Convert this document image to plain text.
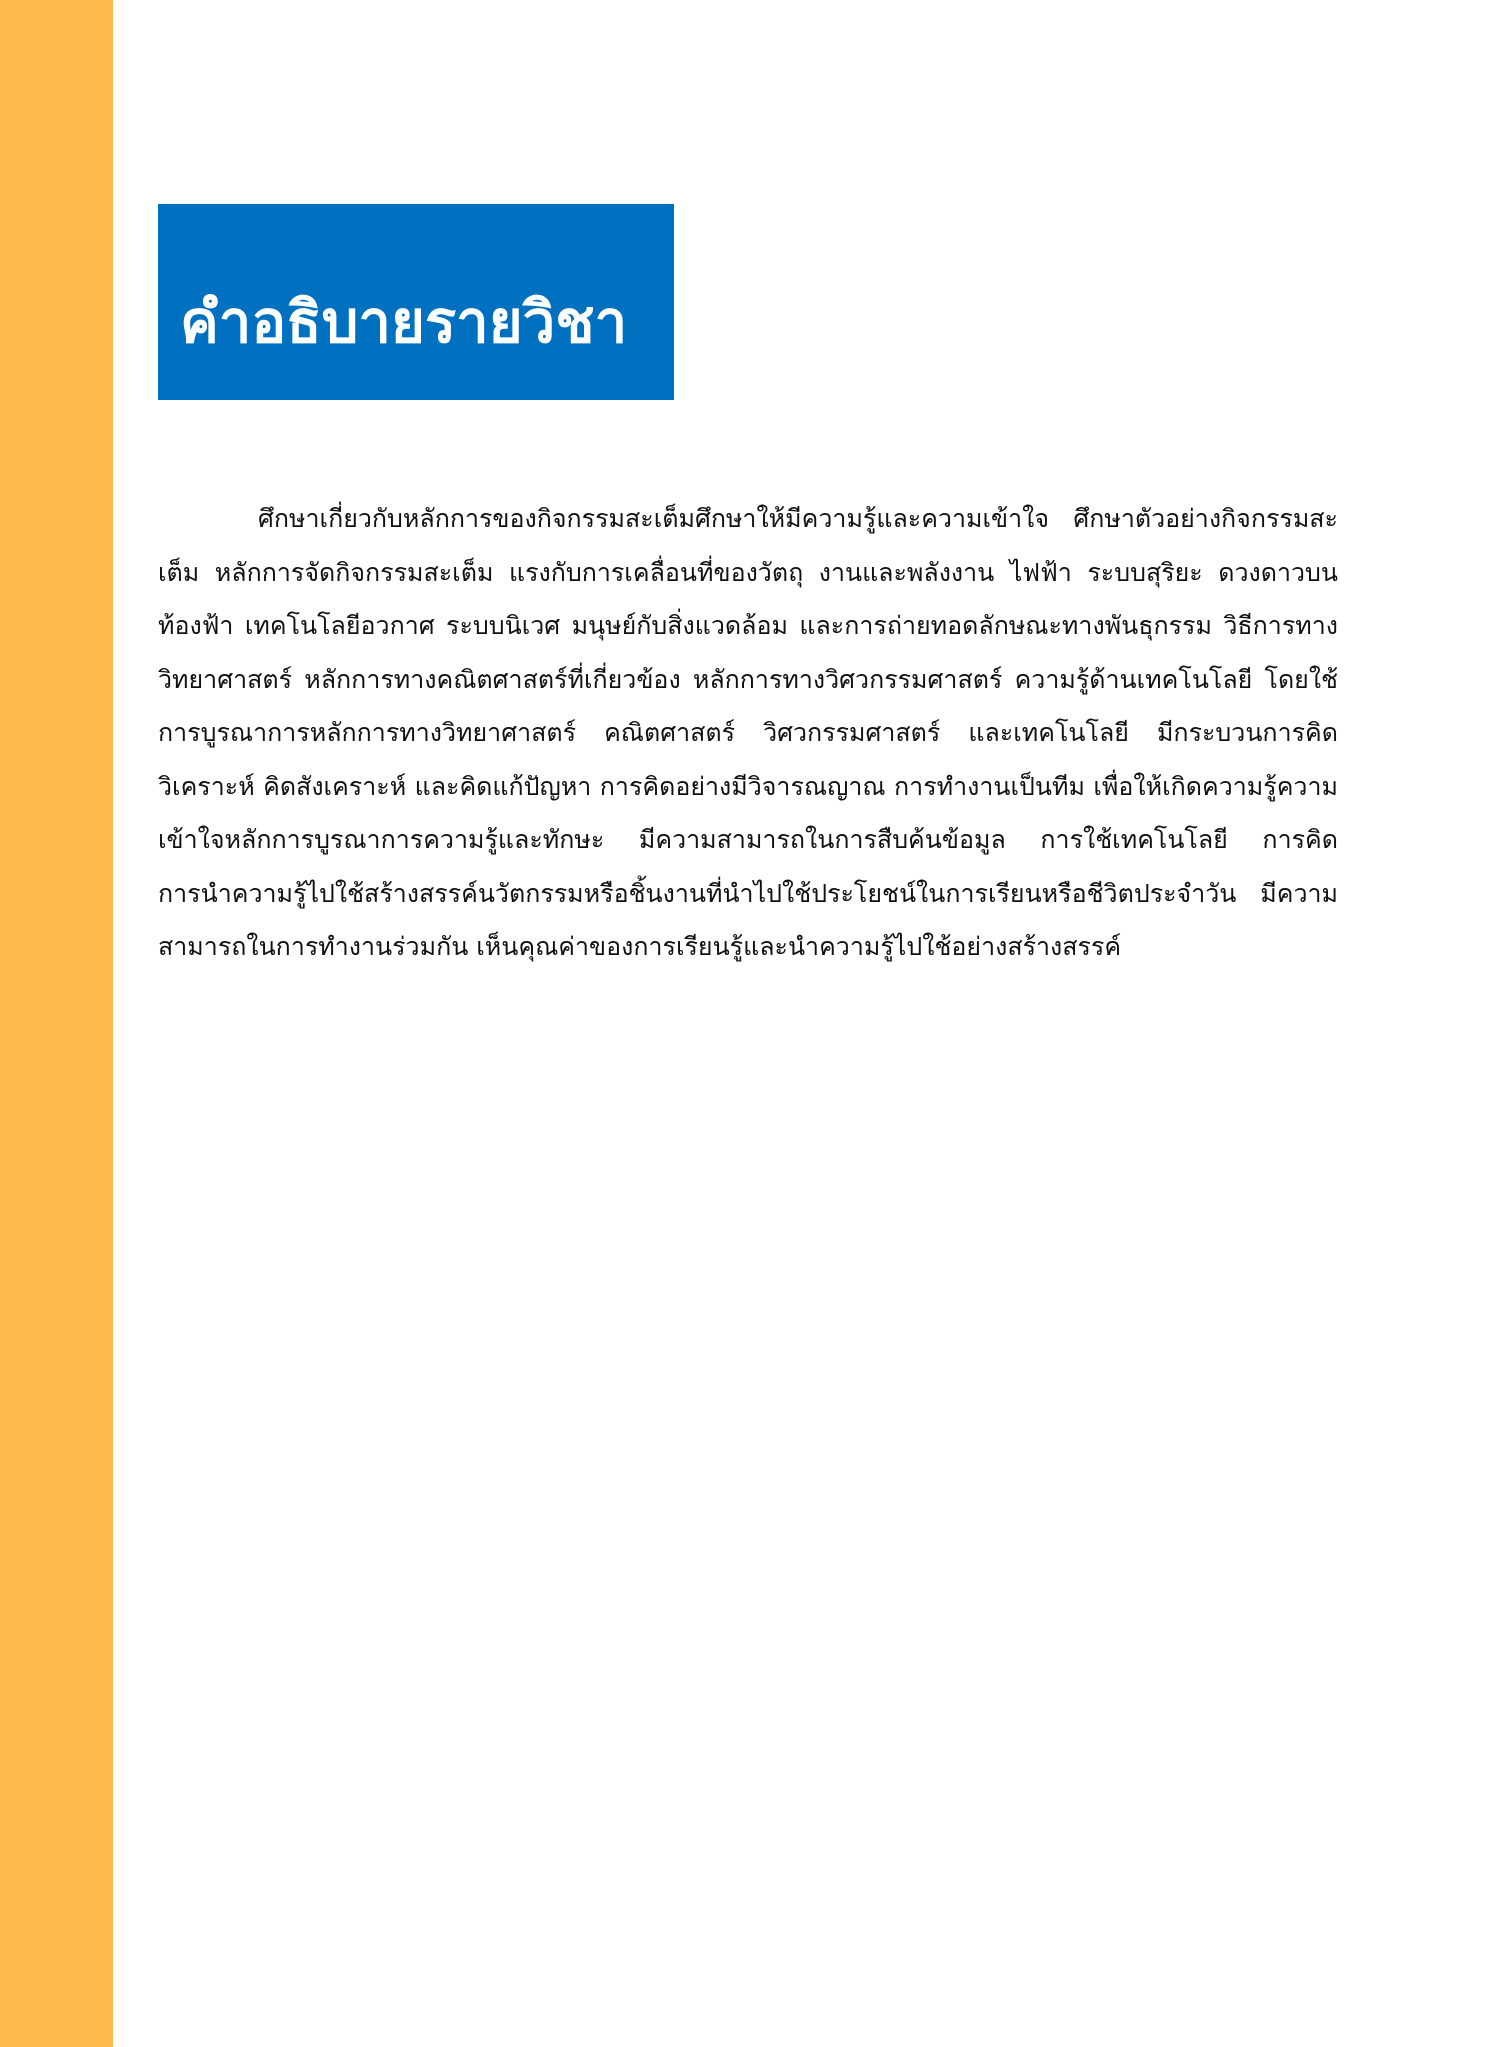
คำอธิบายรายวิชา

ศึกษาเกี่ยวกับหลักการของกิจกรรมสะเต็มศึกษาให้มีความรู้และความเข้าใจ ศึกษาตัวอย่างกิจกรรมสะเต็ม หลักการจัดกิจกรรมสะเต็ม แรงกับการเคลื่อนที่ของวัตถุ งานและพลังงาน ไฟฟ้า ระบบสุริยะ ดวงดาวบนท้องฟ้า เทคโนโลยีอวกาศ ระบบนิเวศ มนุษย์กับสิ่งแวดล้อม และการถ่ายทอดลักษณะทางพันธุกรรม วิธีการทางวิทยาศาสตร์ หลักการทางคณิตศาสตร์ที่เกี่ยวข้อง หลักการทางวิศวกรรมศาสตร์ ความรู้ด้านเทคโนโลยี โดยใช้การบูรณาการหลักการทางวิทยาศาสตร์ คณิตศาสตร์ วิศวกรรมศาสตร์ และเทคโนโลยี มีกระบวนการคิดวิเคราะห์ คิดสังเคราะห์ และคิดแก้ปัญหา การคิดอย่างมีวิจารณญาณ การทำงานเป็นทีม เพื่อให้เกิดความรู้ความเข้าใจหลักการบูรณาการความรู้และทักษะ มีความสามารถในการสืบค้นข้อมูล การใช้เทคโนโลยี การคิด การนำความรู้ไปใช้สร้างสรรค์นวัตกรรมหรือชิ้นงานที่นำไปใช้ประโยชน์ในการเรียนหรือชีวิตประจำวัน มีความสามารถในการทำงานร่วมกัน เห็นคุณค่าของการเรียนรู้และนำความรู้ไปใช้อย่างสร้างสรรค์
